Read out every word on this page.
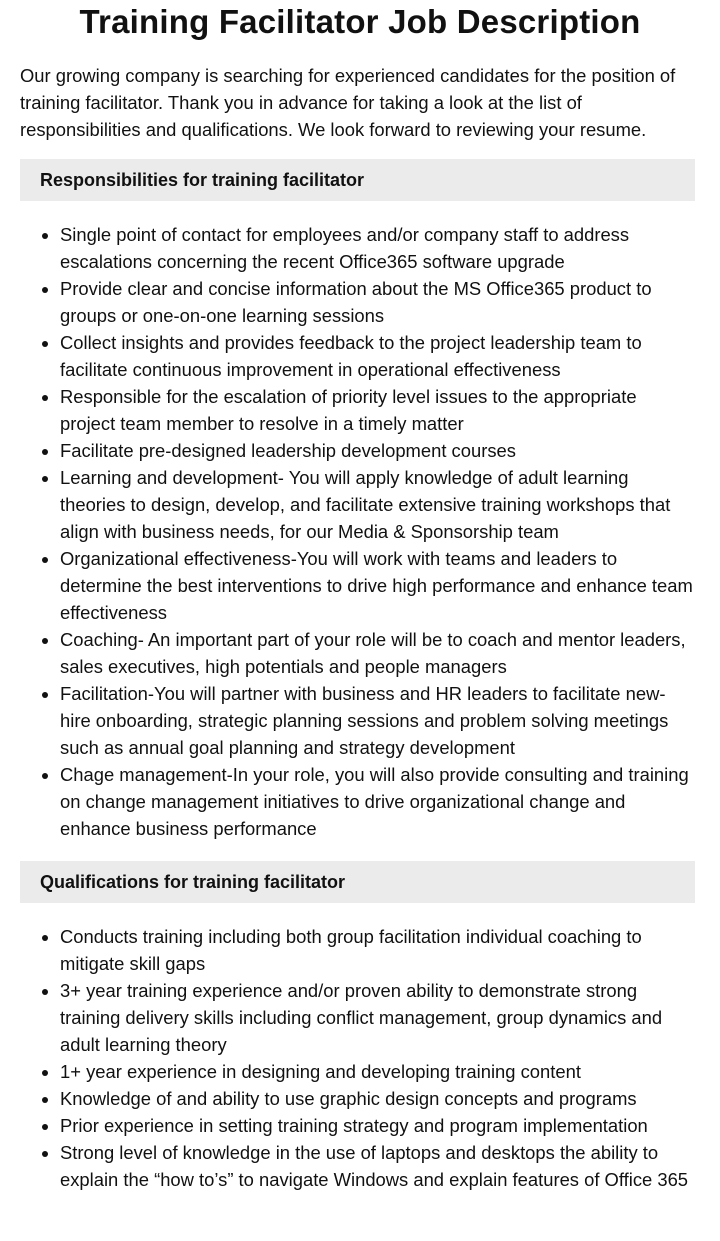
Training Facilitator Job Description

Our growing company is searching for experienced candidates for the position of training facilitator. Thank you in advance for taking a look at the list of responsibilities and qualifications. We look forward to reviewing your resume.

Responsibilities for training facilitator
• Single point of contact for employees and/or company staff to address escalations concerning the recent Office365 software upgrade
• Provide clear and concise information about the MS Office365 product to groups or one-on-one learning sessions
• Collect insights and provides feedback to the project leadership team to facilitate continuous improvement in operational effectiveness
• Responsible for the escalation of priority level issues to the appropriate project team member to resolve in a timely matter
• Facilitate pre-designed leadership development courses
• Learning and development- You will apply knowledge of adult learning theories to design, develop, and facilitate extensive training workshops that align with business needs, for our Media & Sponsorship team
• Organizational effectiveness-You will work with teams and leaders to determine the best interventions to drive high performance and enhance team effectiveness
• Coaching- An important part of your role will be to coach and mentor leaders, sales executives, high potentials and people managers
• Facilitation-You will partner with business and HR leaders to facilitate new-hire onboarding, strategic planning sessions and problem solving meetings such as annual goal planning and strategy development
• Chage management-In your role, you will also provide consulting and training on change management initiatives to drive organizational change and enhance business performance
Qualifications for training facilitator
• Conducts training including both group facilitation individual coaching to mitigate skill gaps
• 3+ year training experience and/or proven ability to demonstrate strong training delivery skills including conflict management, group dynamics and adult learning theory
• 1+ year experience in designing and developing training content
• Knowledge of and ability to use graphic design concepts and programs
• Prior experience in setting training strategy and program implementation
• Strong level of knowledge in the use of laptops and desktops the ability to explain the “how to’s” to navigate Windows and explain features of Office 365
